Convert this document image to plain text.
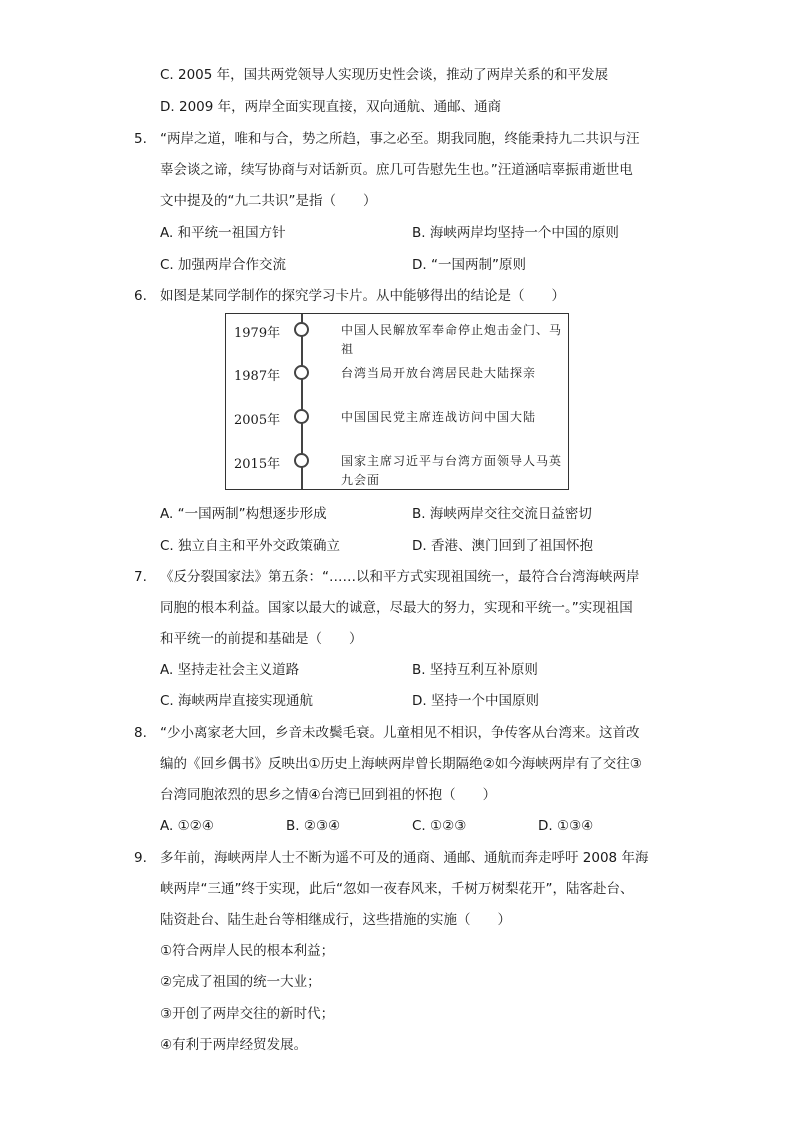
C. 2005 年，国共两党领导人实现历史性会谈，推动了两岸关系的和平发展
D. 2009 年，两岸全面实现直接，双向通航、通邮、通商
5. “两岸之道，唯和与合，势之所趋，事之必至。期我同胞，终能秉持九二共识与汪
辜会谈之谛，续写协商与对话新页。庶几可告慰先生也。”汪道涵唁辜振甫逝世电
文中提及的“九二共识”是指（　　）
A. 和平统一祖国方针	B. 海峡两岸均坚持一个中国的原则
C. 加强两岸合作交流	D. “一国两制”原则
6. 如图是某同学制作的探究学习卡片。从中能够得出的结论是（　　）
1979年	中国人民解放军奉命停止炮击金门、马祖
1987年	台湾当局开放台湾居民赴大陆探亲
2005年	中国国民党主席连战访问中国大陆
2015年	国家主席习近平与台湾方面领导人马英九会面
A. “一国两制”构想逐步形成	B. 海峡两岸交往交流日益密切
C. 独立自主和平外交政策确立	D. 香港、澳门回到了祖国怀抱
7. 《反分裂国家法》第五条：“……以和平方式实现祖国统一，最符合台湾海峡两岸
同胞的根本利益。国家以最大的诚意，尽最大的努力，实现和平统一。”实现祖国
和平统一的前提和基础是（　　）
A. 坚持走社会主义道路	B. 坚持互利互补原则
C. 海峡两岸直接实现通航	D. 坚持一个中国原则
8. “少小离家老大回，乡音未改鬓毛衰。儿童相见不相识，争传客从台湾来。这首改
编的《回乡偶书》反映出①历史上海峡两岸曾长期隔绝②如今海峡两岸有了交往③
台湾同胞浓烈的思乡之情④台湾已回到祖的怀抱（　　）
A. ①②④	B. ②③④	C. ①②③	D. ①③④
9. 多年前，海峡两岸人士不断为遥不可及的通商、通邮、通航而奔走呼吁 2008 年海
峡两岸“三通”终于实现，此后“忽如一夜春风来，千树万树梨花开”，陆客赴台、
陆资赴台、陆生赴台等相继成行，这些措施的实施（　　）
①符合两岸人民的根本利益；
②完成了祖国的统一大业；
③开创了两岸交往的新时代；
④有利于两岸经贸发展。
